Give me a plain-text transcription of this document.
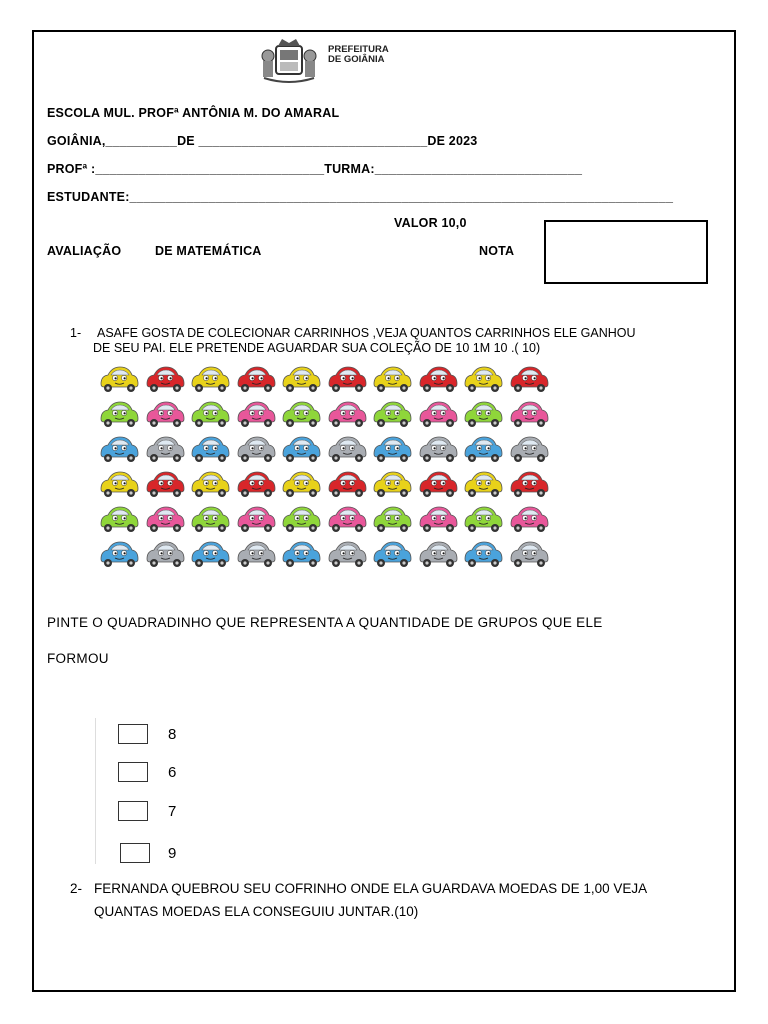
PREFEITURA
DE GOIÂNIA
ESCOLA MUL. PROFª ANTÔNIA M. DO AMARAL
GOIÂNIA,__________DE ________________________________DE 2023
PROFª :________________________________TURMA:_____________________________
ESTUDANTE:____________________________________________________________________________
VALOR 10,0
AVALIAÇÃO	DE MATEMÁTICA	NOTA
1- ASAFE GOSTA DE COLECIONAR CARRINHOS ,VEJA QUANTOS CARRINHOS ELE GANHOU
DE SEU PAI. ELE PRETENDE AGUARDAR SUA COLEÇÃO DE 10 1M 10 .( 10)
PINTE O QUADRADINHO QUE REPRESENTA A QUANTIDADE DE GRUPOS QUE ELE
FORMOU
8
6
7
9
2- FERNANDA QUEBROU SEU COFRINHO ONDE ELA GUARDAVA MOEDAS DE 1,00 VEJA
QUANTAS MOEDAS ELA CONSEGUIU JUNTAR.(10)
